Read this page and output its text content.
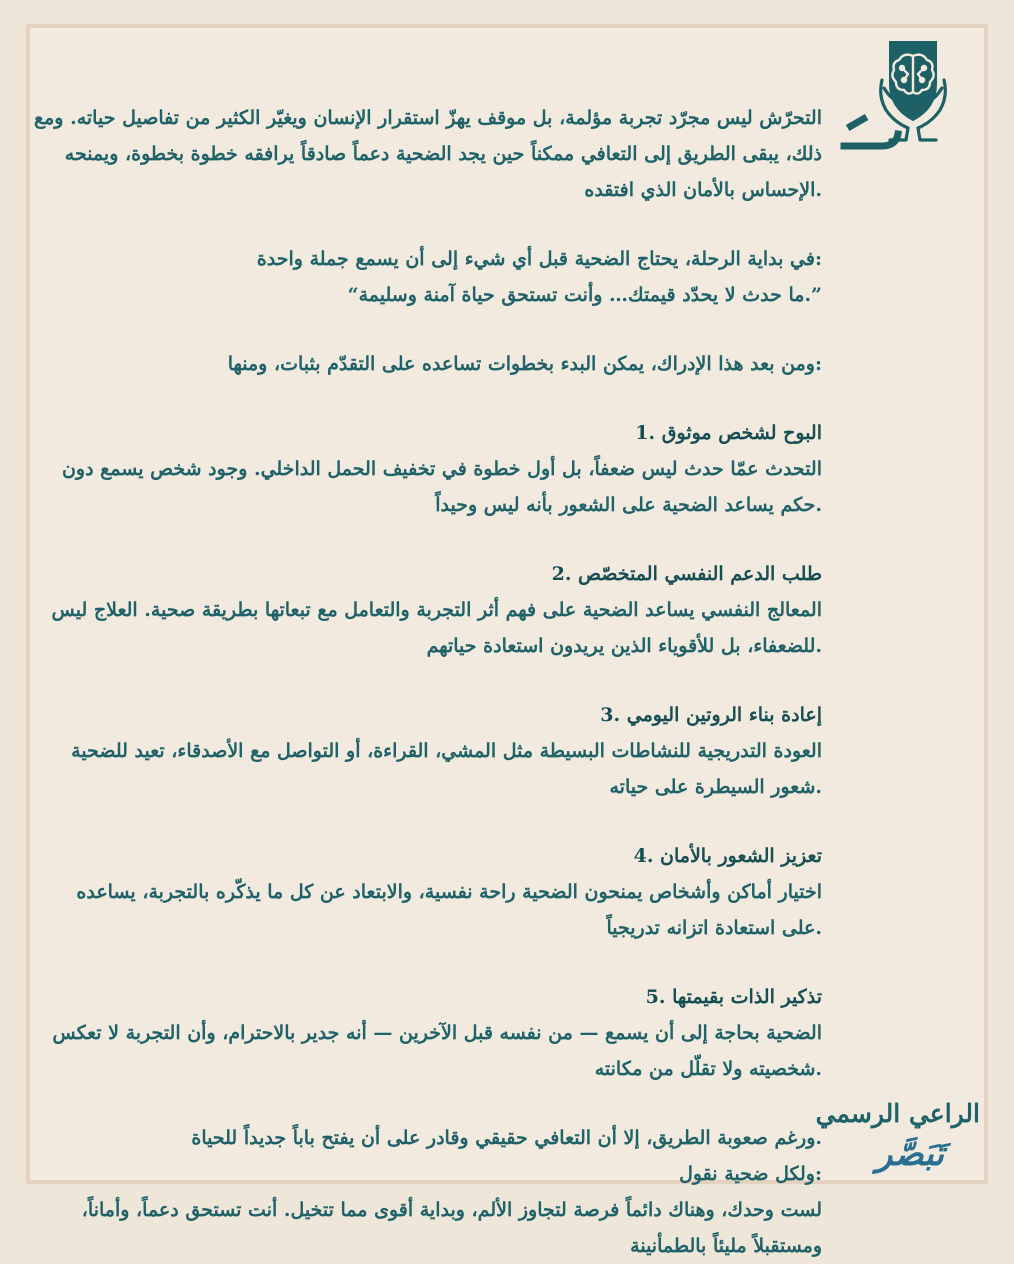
التحرّش ليس مجرّد تجربة مؤلمة، بل موقف يهزّ استقرار الإنسان ويغيّر الكثير من تفاصيل حياته. ومع
ذلك، يبقى الطريق إلى التعافي ممكناً حين يجد الضحية دعماً صادقاً يرافقه خطوة بخطوة، ويمنحه
.الإحساس بالأمان الذي افتقده

:في بداية الرحلة، يحتاج الضحية قبل أي شيء إلى أن يسمع جملة واحدة
”.ما حدث لا يحدّد قيمتك… وأنت تستحق حياة آمنة وسليمة“

:ومن بعد هذا الإدراك، يمكن البدء بخطوات تساعده على التقدّم بثبات، ومنها

البوح لشخص موثوق .1
التحدث عمّا حدث ليس ضعفاً، بل أول خطوة في تخفيف الحمل الداخلي. وجود شخص يسمع دون
.حكم يساعد الضحية على الشعور بأنه ليس وحيداً

طلب الدعم النفسي المتخصّص .2
المعالج النفسي يساعد الضحية على فهم أثر التجربة والتعامل مع تبعاتها بطريقة صحية. العلاج ليس
.للضعفاء، بل للأقوياء الذين يريدون استعادة حياتهم

إعادة بناء الروتين اليومي .3
العودة التدريجية للنشاطات البسيطة مثل المشي، القراءة، أو التواصل مع الأصدقاء، تعيد للضحية
.شعور السيطرة على حياته

تعزيز الشعور بالأمان .4
اختيار أماكن وأشخاص يمنحون الضحية راحة نفسية، والابتعاد عن كل ما يذكّره بالتجربة، يساعده
.على استعادة اتزانه تدريجياً

تذكير الذات بقيمتها .5
الضحية بحاجة إلى أن يسمع — من نفسه قبل الآخرين — أنه جدير بالاحترام، وأن التجربة لا تعكس
.شخصيته ولا تقلّل من مكانته

.ورغم صعوبة الطريق، إلا أن التعافي حقيقي وقادر على أن يفتح باباً جديداً للحياة
:ولكل ضحية نقول
لست وحدك، وهناك دائماً فرصة لتجاوز الألم، وبداية أقوى مما تتخيل. أنت تستحق دعماً، وأماناً،
ومستقبلاً مليئاً بالطمأنينة

الراعي الرسمي

تَبَصَّر
